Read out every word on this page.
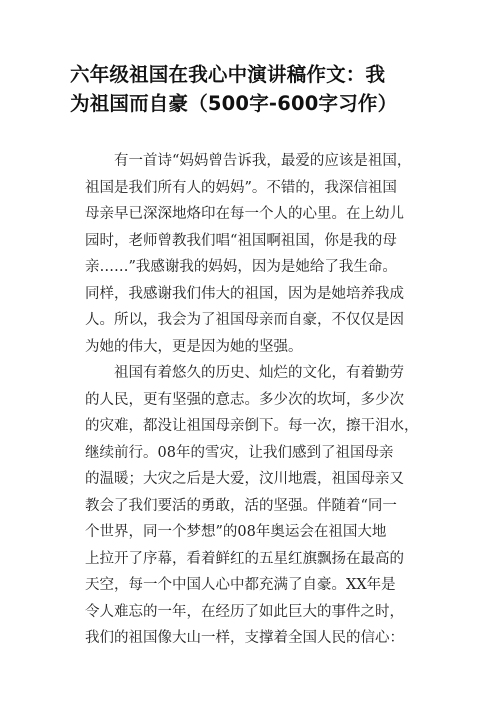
六年级祖国在我心中演讲稿作文：我
为祖国而自豪（500字-600字习作）

　　有一首诗“妈妈曾告诉我，最爱的应该是祖国，
祖国是我们所有人的妈妈”。不错的，我深信祖国
母亲早已深深地烙印在每一个人的心里。在上幼儿
园时，老师曾教我们唱“祖国啊祖国，你是我的母
亲……”我感谢我的妈妈，因为是她给了我生命。
同样，我感谢我们伟大的祖国，因为是她培养我成
人。所以，我会为了祖国母亲而自豪，不仅仅是因
为她的伟大，更是因为她的坚强。

　　祖国有着悠久的历史、灿烂的文化，有着勤劳
的人民，更有坚强的意志。多少次的坎坷，多少次
的灾难，都没让祖国母亲倒下。每一次，擦干泪水，
继续前行。08年的雪灾，让我们感到了祖国母亲
的温暖；大灾之后是大爱，汶川地震，祖国母亲又
教会了我们要活的勇敢，活的坚强。伴随着“同一
个世界，同一个梦想”的08年奥运会在祖国大地
上拉开了序幕，看着鲜红的五星红旗飘扬在最高的
天空，每一个中国人心中都充满了自豪。XX年是
令人难忘的一年，在经历了如此巨大的事件之时，
我们的祖国像大山一样，支撑着全国人民的信心：
